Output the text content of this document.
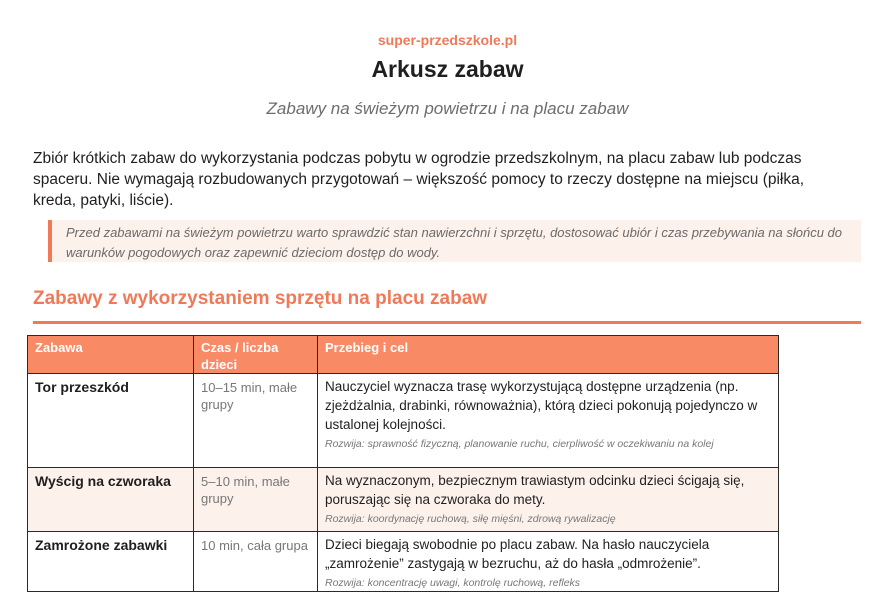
super-przedszkole.pl
Arkusz zabaw
Zabawy na świeżym powietrzu i na placu zabaw
Zbiór krótkich zabaw do wykorzystania podczas pobytu w ogrodzie przedszkolnym, na placu zabaw lub podczas spaceru. Nie wymagają rozbudowanych przygotowań – większość pomocy to rzeczy dostępne na miejscu (piłka, kreda, patyki, liście).
Przed zabawami na świeżym powietrzu warto sprawdzić stan nawierzchni i sprzętu, dostosować ubiór i czas przebywania na słońcu do warunków pogodowych oraz zapewnić dzieciom dostęp do wody.
Zabawy z wykorzystaniem sprzętu na placu zabaw
Zabawa	Czas / liczba dzieci	Przebieg i cel
Tor przeszkód	10–15 min, małe grupy	Nauczyciel wyznacza trasę wykorzystującą dostępne urządzenia (np. zjeżdżalnia, drabinki, równoważnia), którą dzieci pokonują pojedynczo w ustalonej kolejności.
Rozwija: sprawność fizyczną, planowanie ruchu, cierpliwość w oczekiwaniu na kolej

Wyścig na czworaka	5–10 min, małe grupy	Na wyznaczonym, bezpiecznym trawiastym odcinku dzieci ścigają się, poruszając się na czworaka do mety.
Rozwija: koordynację ruchową, siłę mięśni, zdrową rywalizację

Zamrożone zabawki	10 min, cała grupa	Dzieci biegają swobodnie po placu zabaw. Na hasło nauczyciela „zamrożenie” zastygają w bezruchu, aż do hasła „odmrożenie”.
Rozwija: koncentrację uwagi, kontrolę ruchową, refleks
